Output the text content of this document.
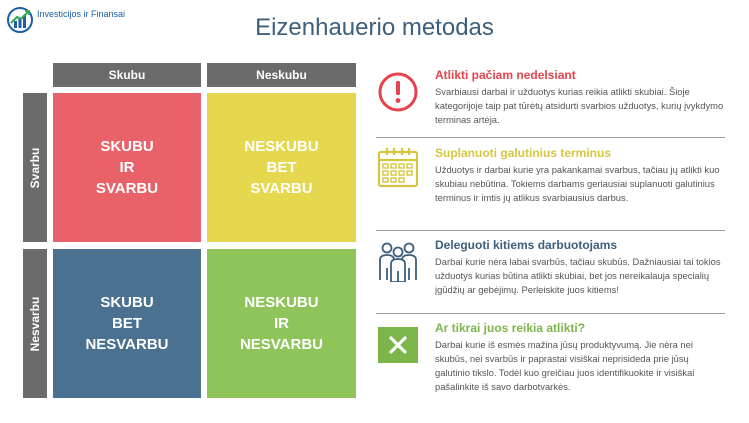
Investicijos ir Finansai	Eizenhauerio metodas
Skubu	Neskubu
Svarbu
Nesvarbu
SKUBU
IR
SVARBU
NESKUBU
BET
SVARBU
SKUBU
BET
NESVARBU
NESKUBU
IR
NESVARBU
Atlikti pačiam nedelsiant
Svarbiausi darbai ir užduotys kurias reikia atlikti skubiai. Šioje kategorijoje taip pat tūrėtų atsidurti svarbios užduotys, kurių įvykdymo terminas artėja.
Suplanuoti galutinius terminus
Užduotys ir darbai kurie yra pakankamai svarbus, tačiau jų atlikti kuo skubiau nebūtina. Tokiems darbams geriausiai suplanuoti galutinius terminus ir imtis jų atlikus svarbiausius darbus.
Deleguoti kitiems darbuotojams
Darbai kurie nėra labai svarbūs, tačiau skubūs. Dažniausiai tai tokios užduotys kurias būtina atlikti skubiai, bet jos nereikalauja specialių įgūdžių ar gebėjimų. Perleiskite juos kitiems!
Ar tikrai juos reikia atlikti?
Darbai kurie iš esmės mažina jūsų produktyvumą. Jie nėra nei skubūs, nei svarbūs ir paprastai visiškai neprisideda prie jūsų galutinio tikslo. Todėl kuo greičiau juos identifikuokite ir visiškai pašalinkite iš savo darbotvarkės.
